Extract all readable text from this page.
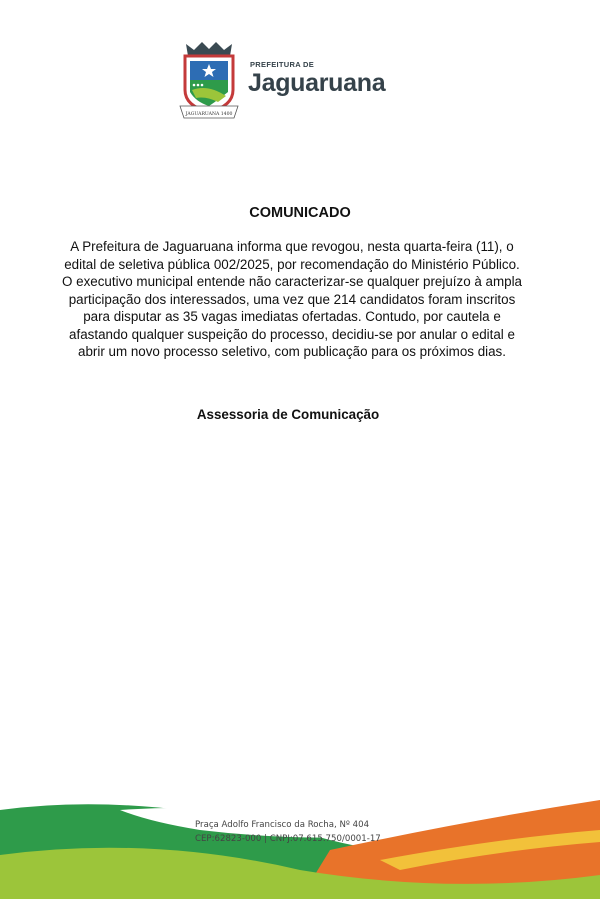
JAGUARUANA 1400
PREFEITURA DE
Jaguaruana
COMUNICADO

A Prefeitura de Jaguaruana informa que revogou, nesta quarta-feira (11), o edital de seletiva pública 002/2025, por recomendação do Ministério Público. O executivo municipal entende não caracterizar-se qualquer prejuízo à ampla participação dos interessados, uma vez que 214 candidatos foram inscritos para disputar as 35 vagas imediatas ofertadas. Contudo, por cautela e afastando qualquer suspeição do processo, decidiu-se por anular o edital e abrir um novo processo seletivo, com publicação para os próximos dias.

Assessoria de Comunicação
Praça Adolfo Francisco da Rocha, Nº 404
CEP:62823-000 | CNPJ:07.615.750/0001-17
